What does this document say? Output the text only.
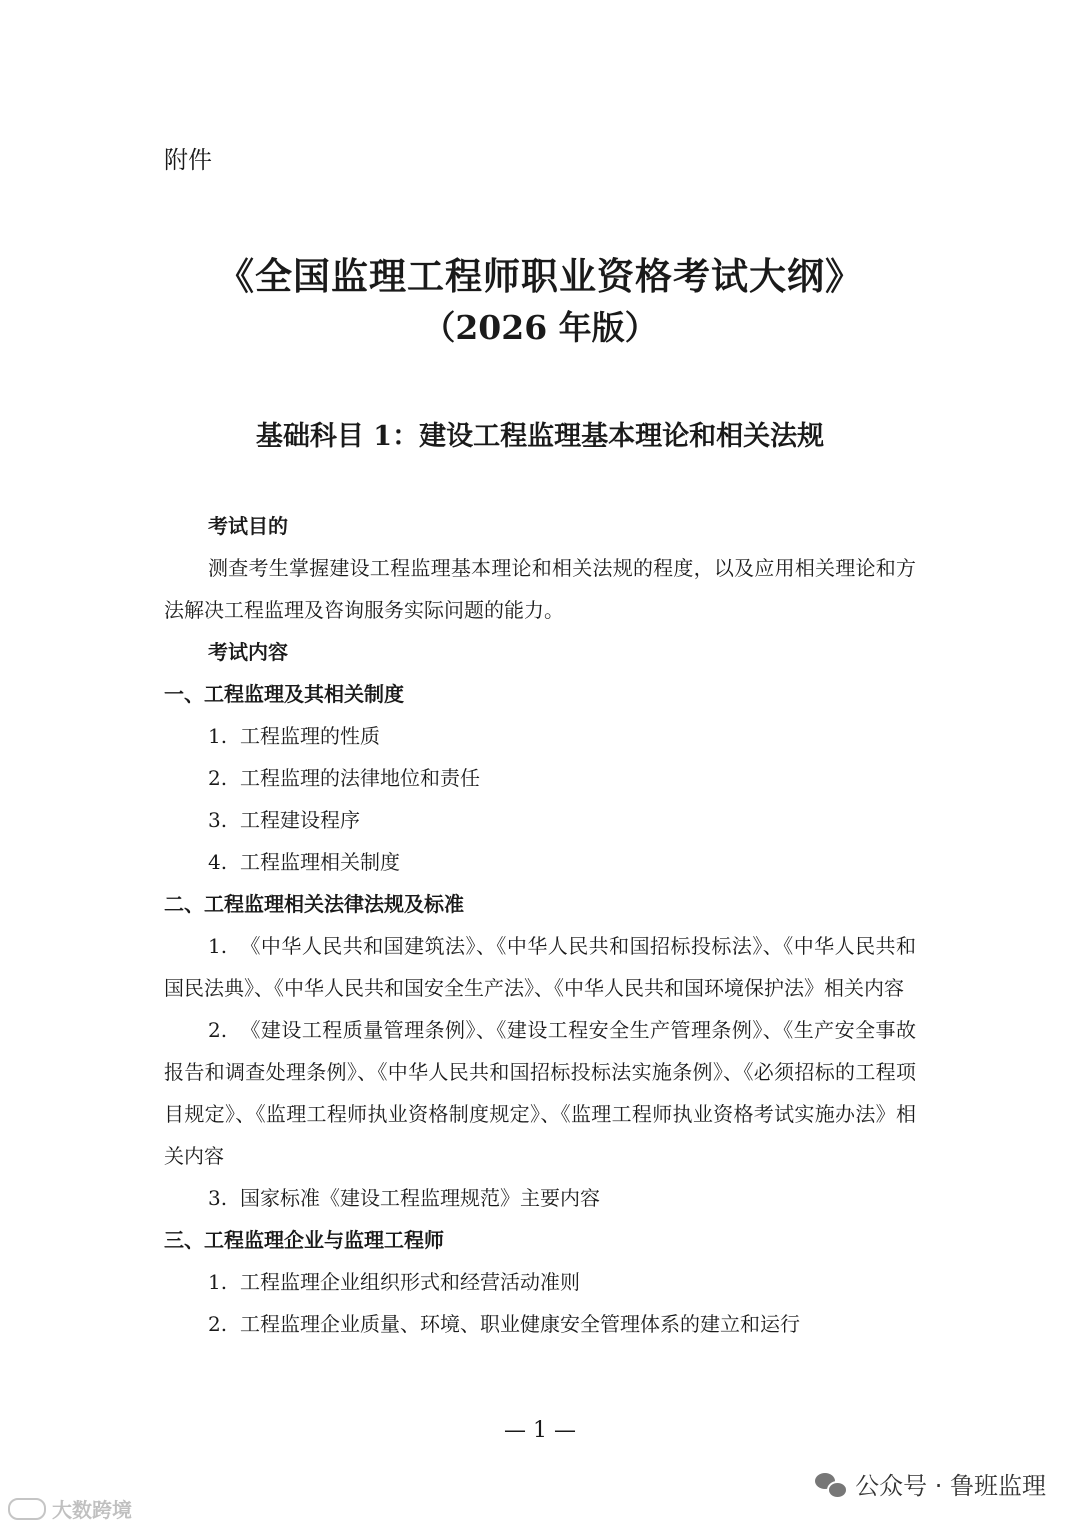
附件
《全国监理工程师职业资格考试大纲》
（2026 年版）
基础科目 1：建设工程监理基本理论和相关法规

考试目的

测查考生掌握建设工程监理基本理论和相关法规的程度，以及应用相关理论和方法解决工程监理及咨询服务实际问题的能力。

考试内容

一、工程监理及其相关制度

1. 工程监理的性质

2. 工程监理的法律地位和责任

3. 工程建设程序

4. 工程监理相关制度

二、工程监理相关法律法规及标准

1. 《中华人民共和国建筑法》、《中华人民共和国招标投标法》、《中华人民共和国民法典》、《中华人民共和国安全生产法》、《中华人民共和国环境保护法》相关内容

2. 《建设工程质量管理条例》、《建设工程安全生产管理条例》、《生产安全事故报告和调查处理条例》、《中华人民共和国招标投标法实施条例》、《必须招标的工程项目规定》、《监理工程师执业资格制度规定》、《监理工程师执业资格考试实施办法》相关内容

3. 国家标准《建设工程监理规范》主要内容

三、工程监理企业与监理工程师

1. 工程监理企业组织形式和经营活动准则

2. 工程监理企业质量、环境、职业健康安全管理体系的建立和运行

— 1 —
公众号 · 鲁班监理
大数跨境
